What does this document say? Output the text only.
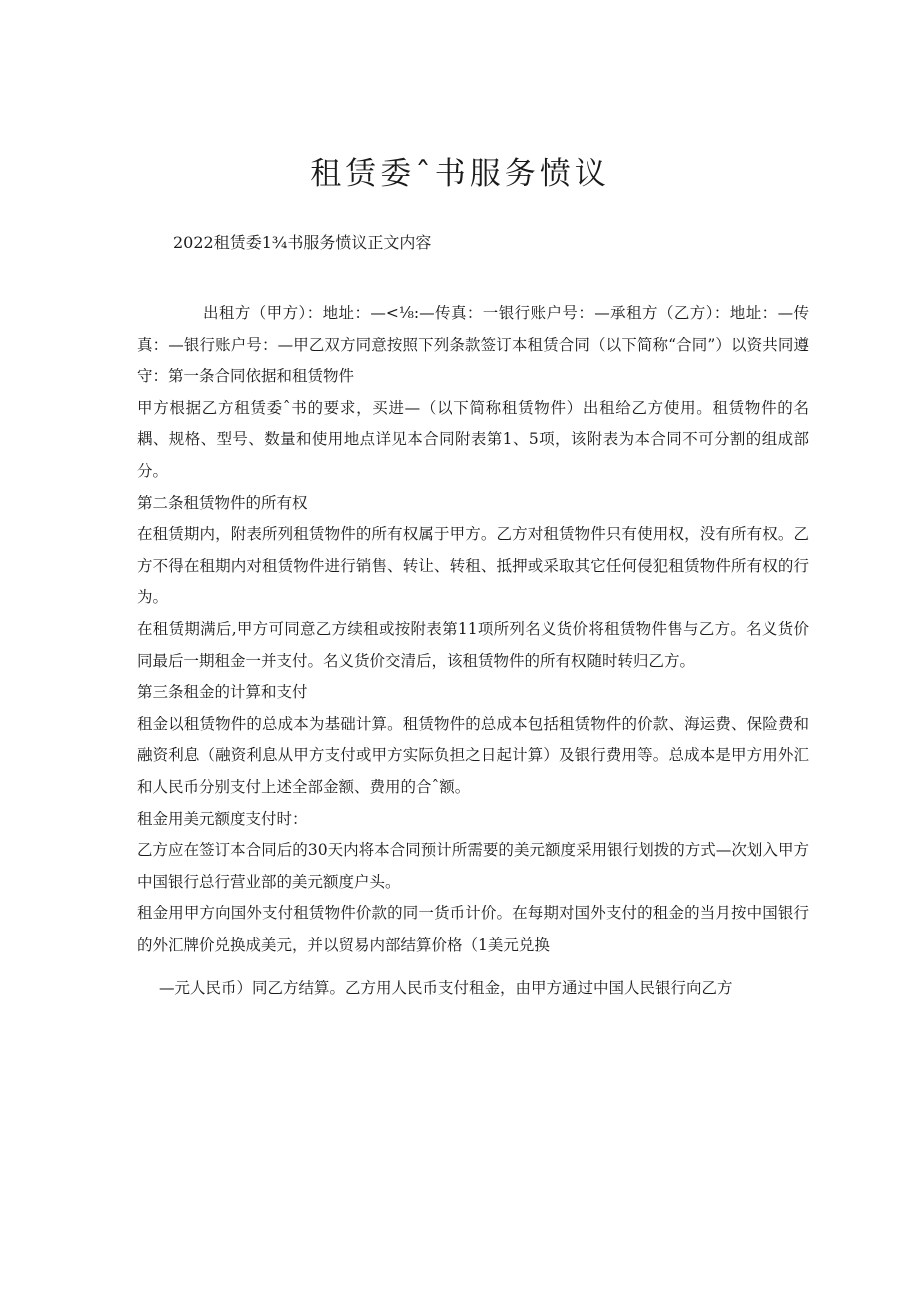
租赁委ˆ书服务愤议

2022租赁委1¾书服务愤议正文内容

出租方（甲方）：地址：—<⅛:—传真：一银行账户号：—承租方（乙方）：地址：—传真：—银行账户号：—甲乙双方同意按照下列条款签订本租赁合同（以下简称“合同”）以资共同遵守：第一条合同依据和租赁物件

甲方根据乙方租赁委ˆ书的要求，买进—（以下简称租赁物件）出租给乙方使用。租赁物件的名耦、规格、型号、数量和使用地点详见本合同附表第1、5项，该附表为本合同不可分割的组成部分。

第二条租赁物件的所有权

在租赁期内，附表所列租赁物件的所有权属于甲方。乙方对租赁物件只有使用权，没有所有权。乙方不得在租期内对租赁物件进行销售、转让、转租、抵押或采取其它任何侵犯租赁物件所有权的行为。

在租赁期满后,甲方可同意乙方续租或按附表第11项所列名义货价将租赁物件售与乙方。名义货价同最后一期租金一并支付。名义货价交清后，该租赁物件的所有权随时转归乙方。

第三条租金的计算和支付

租金以租赁物件的总成本为基础计算。租赁物件的总成本包括租赁物件的价款、海运费、保险费和融资利息（融资利息从甲方支付或甲方实际负担之日起计算）及银行费用等。总成本是甲方用外汇和人民币分别支付上述全部金额、费用的合ˆ额。

租金用美元额度支付时：

乙方应在签订本合同后的30天内将本合同预计所需要的美元额度采用银行划拨的方式—次划入甲方中国银行总行营业部的美元额度户头。

租金用甲方向国外支付租赁物件价款的同一货币计价。在每期对国外支付的租金的当月按中国银行的外汇牌价兑换成美元，并以贸易内部结算价格（1美元兑换

—元人民币）同乙方结算。乙方用人民币支付租金，由甲方通过中国人民银行向乙方
